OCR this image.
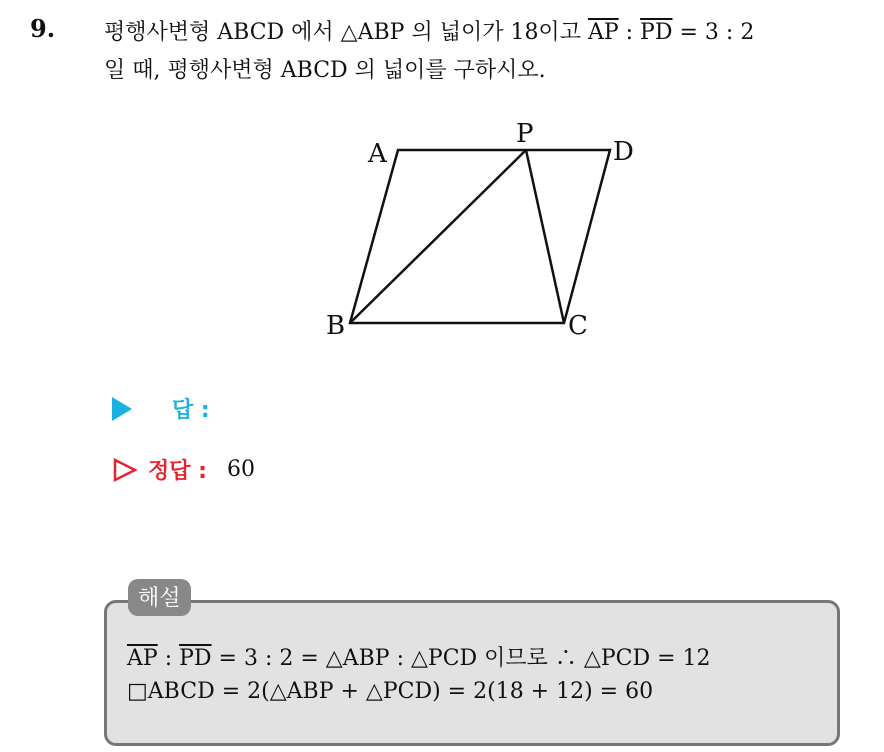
9. 평행사변형 ABCD 에서 △ABP 의 넓이가 18이고 $\overline{AP}$ : $\overline{PD} = 3$ : 2
일 때, 평행사변형 ABCD 의 넓이를 구하시오.
A
P
D
B	C
답 :
정답 : 60
$\overline{AP}$ : $\overline{PD} = 3$ : 2 = △ABP : △PCD 이므로 ∴ △PCD = 12
□ABCD = 2(△ABP + △PCD) = 2(18 + 12) = 60
해설
